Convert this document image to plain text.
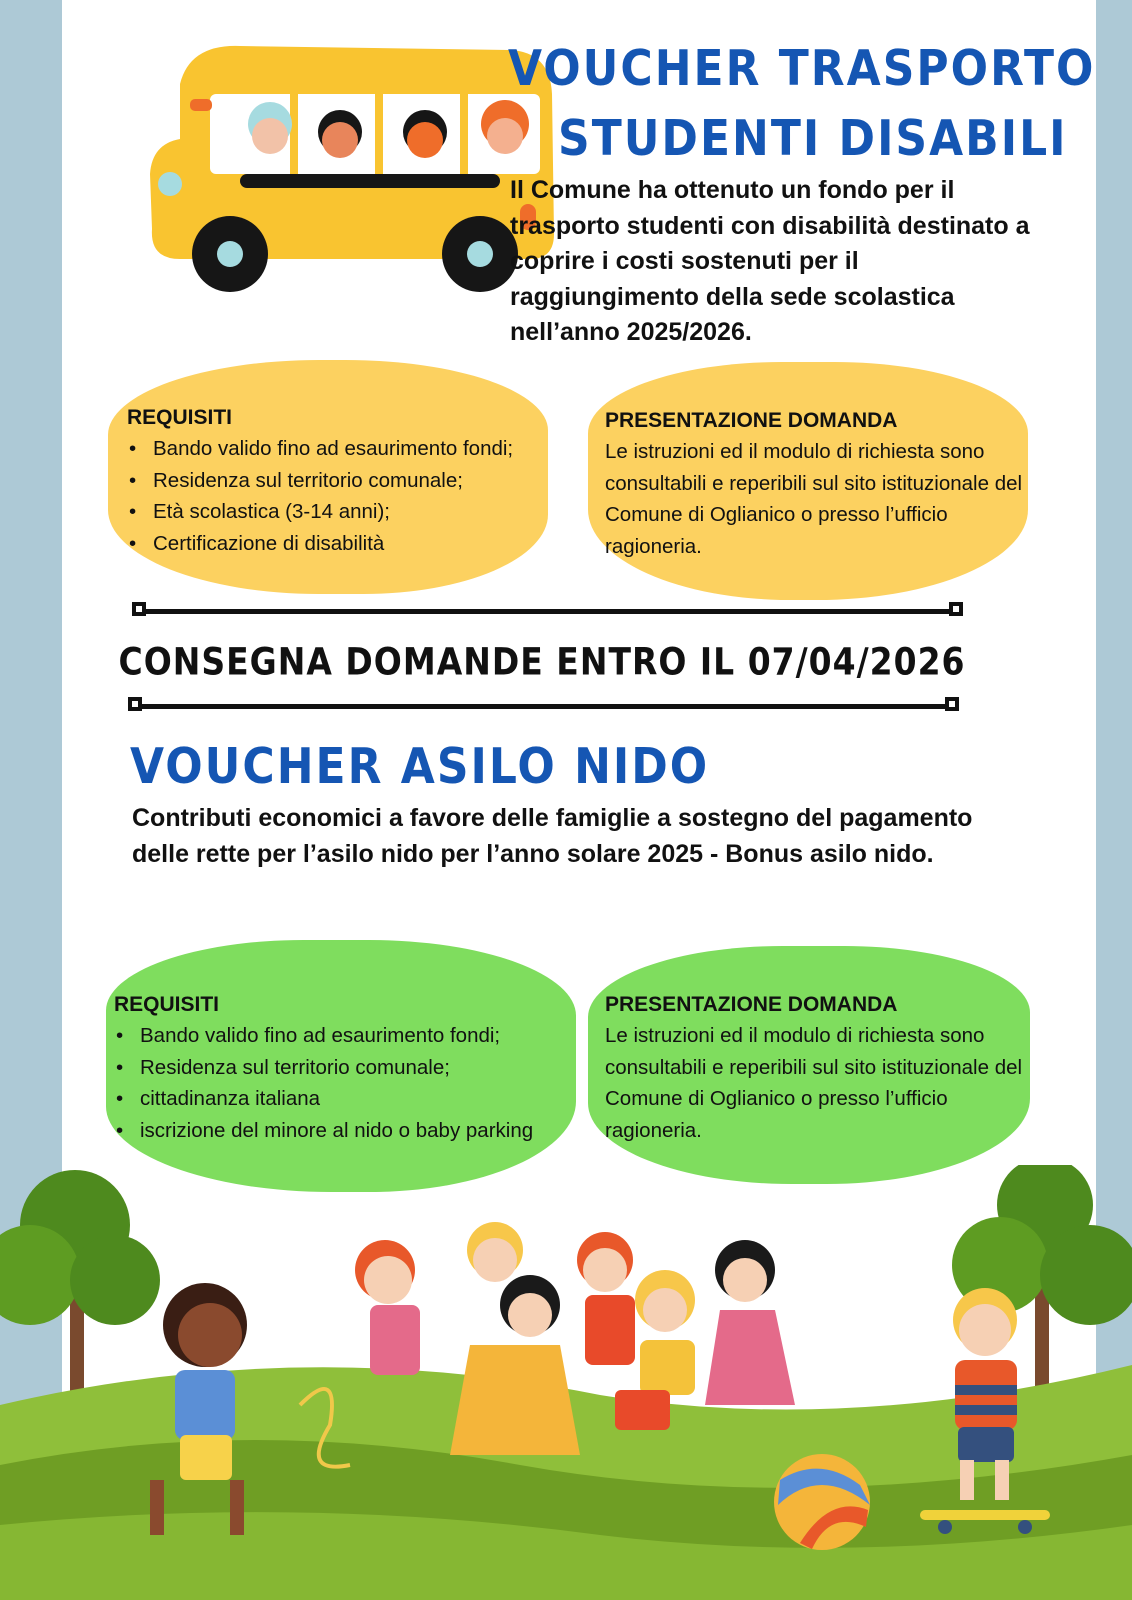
VOUCHER TRASPORTO
STUDENTI DISABILI

Il Comune ha ottenuto un fondo per il trasporto studenti con disabilità destinato a coprire i costi sostenuti per il raggiungimento della sede scolastica nell’anno 2025/2026.

REQUISITI
• Bando valido fino ad esaurimento fondi;
• Residenza sul territorio comunale;
• Età scolastica (3-14 anni);
• Certificazione di disabilità
PRESENTAZIONE DOMANDA

Le istruzioni ed il modulo di richiesta sono consultabili e reperibili sul sito istituzionale del Comune di Oglianico o presso l’ufficio ragioneria.

CONSEGNA DOMANDE ENTRO IL 07/04/2026
VOUCHER ASILO NIDO

Contributi economici a favore delle famiglie a sostegno del pagamento delle rette per l’asilo nido per l’anno solare 2025 - Bonus asilo nido.

REQUISITI
• Bando valido fino ad esaurimento fondi;
• Residenza sul territorio comunale;
• cittadinanza italiana
• iscrizione del minore al nido o baby parking
PRESENTAZIONE DOMANDA

Le istruzioni ed il modulo di richiesta sono consultabili e reperibili sul sito istituzionale del Comune di Oglianico o presso l’ufficio ragioneria.
